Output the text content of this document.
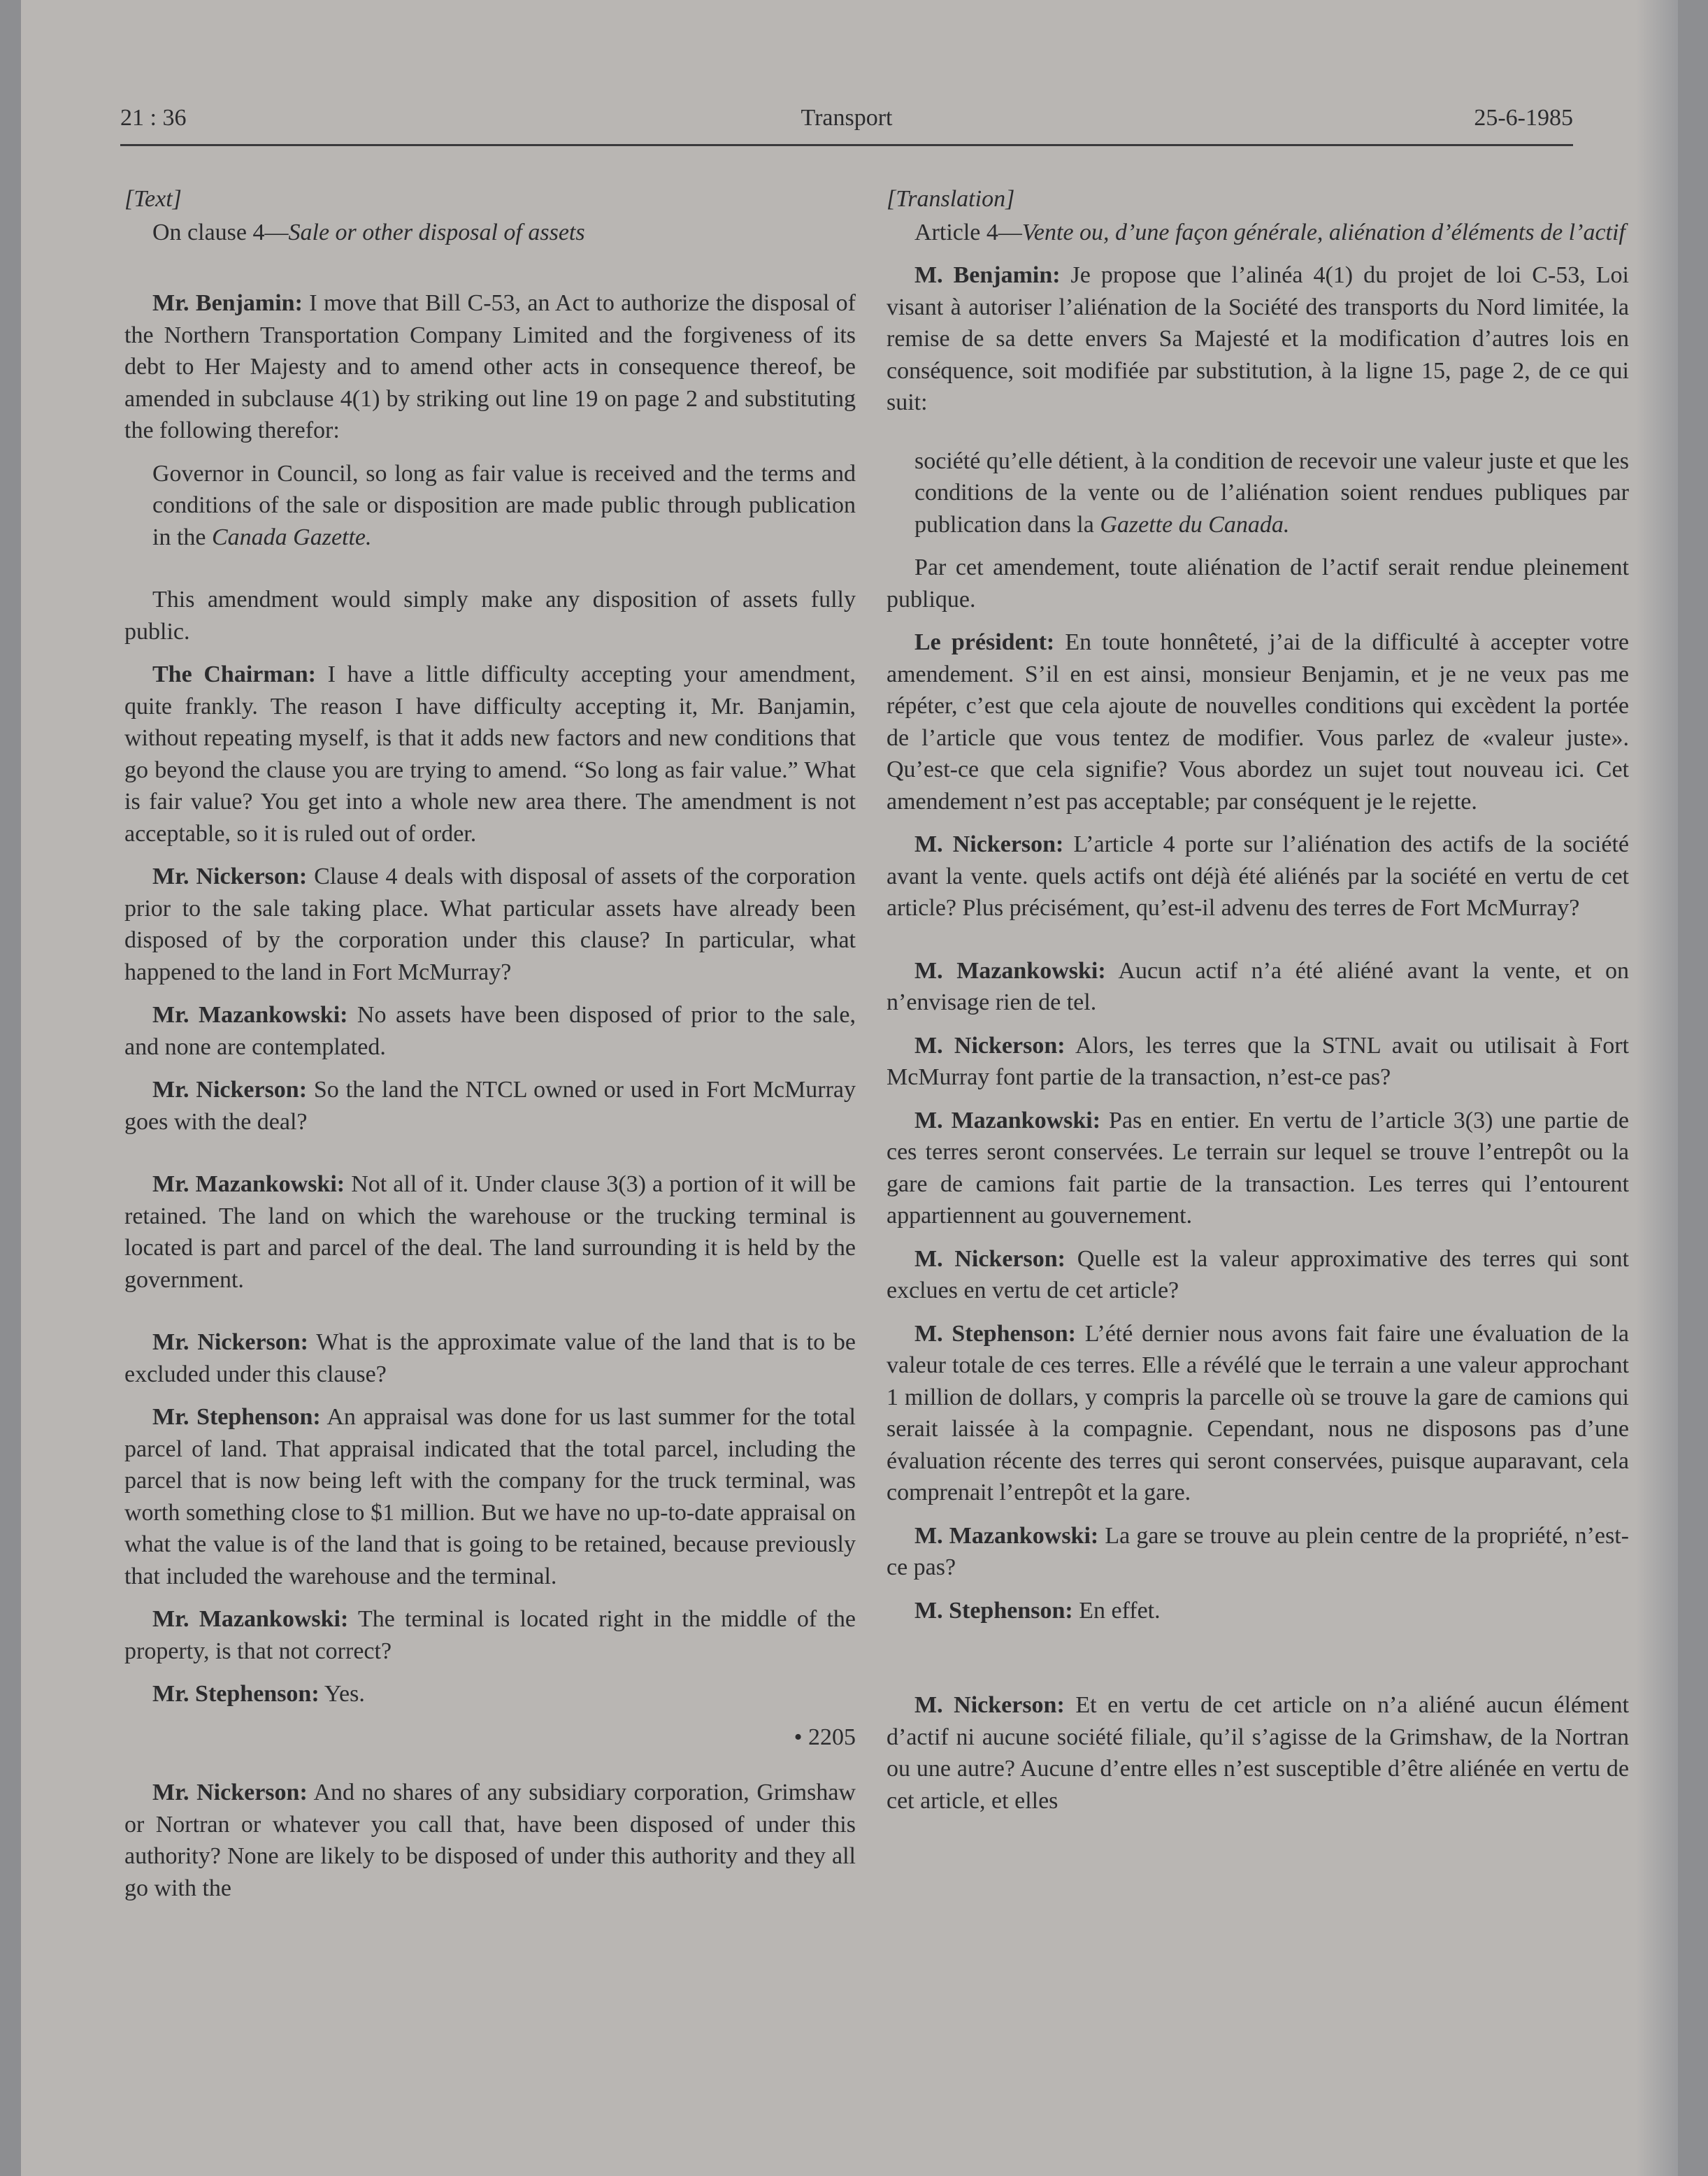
21 : 36	Transport	25-6-1985

[Text]

On clause 4—Sale or other disposal of assets

Mr. Benjamin: I move that Bill C-53, an Act to authorize the disposal of the Northern Transportation Company Limited and the forgiveness of its debt to Her Majesty and to amend other acts in consequence thereof, be amended in subclause 4(1) by striking out line 19 on page 2 and substituting the following therefor:

Governor in Council, so long as fair value is received and the terms and conditions of the sale or disposition are made public through publication in the Canada Gazette.

This amendment would simply make any disposition of assets fully public.

The Chairman: I have a little difficulty accepting your amendment, quite frankly. The reason I have difficulty accepting it, Mr. Banjamin, without repeating myself, is that it adds new factors and new conditions that go beyond the clause you are trying to amend. “So long as fair value.” What is fair value? You get into a whole new area there. The amendment is not acceptable, so it is ruled out of order.

Mr. Nickerson: Clause 4 deals with disposal of assets of the corporation prior to the sale taking place. What particular assets have already been disposed of by the corporation under this clause? In particular, what happened to the land in Fort McMurray?

Mr. Mazankowski: No assets have been disposed of prior to the sale, and none are contemplated.

Mr. Nickerson: So the land the NTCL owned or used in Fort McMurray goes with the deal?

Mr. Mazankowski: Not all of it. Under clause 3(3) a portion of it will be retained. The land on which the warehouse or the trucking terminal is located is part and parcel of the deal. The land surrounding it is held by the government.

Mr. Nickerson: What is the approximate value of the land that is to be excluded under this clause?

Mr. Stephenson: An appraisal was done for us last summer for the total parcel of land. That appraisal indicated that the total parcel, including the parcel that is now being left with the company for the truck terminal, was worth something close to $1 million. But we have no up-to-date appraisal on what the value is of the land that is going to be retained, because previously that included the warehouse and the terminal.

Mr. Mazankowski: The terminal is located right in the middle of the property, is that not correct?

Mr. Stephenson: Yes.

• 2205

Mr. Nickerson: And no shares of any subsidiary corporation, Grimshaw or Nortran or whatever you call that, have been disposed of under this authority? None are likely to be disposed of under this authority and they all go with the

[Translation]

Article 4—Vente ou, d’une façon générale, aliénation d’éléments de l’actif

M. Benjamin: Je propose que l’alinéa 4(1) du projet de loi C-53, Loi visant à autoriser l’aliénation de la Société des transports du Nord limitée, la remise de sa dette envers Sa Majesté et la modification d’autres lois en conséquence, soit modifiée par substitution, à la ligne 15, page 2, de ce qui suit:

société qu’elle détient, à la condition de recevoir une valeur juste et que les conditions de la vente ou de l’aliénation soient rendues publiques par publication dans la Gazette du Canada.

Par cet amendement, toute aliénation de l’actif serait rendue pleinement publique.

Le président: En toute honnêteté, j’ai de la difficulté à accepter votre amendement. S’il en est ainsi, monsieur Benjamin, et je ne veux pas me répéter, c’est que cela ajoute de nouvelles conditions qui excèdent la portée de l’article que vous tentez de modifier. Vous parlez de «valeur juste». Qu’est-ce que cela signifie? Vous abordez un sujet tout nouveau ici. Cet amendement n’est pas acceptable; par conséquent je le rejette.

M. Nickerson: L’article 4 porte sur l’aliénation des actifs de la société avant la vente. quels actifs ont déjà été aliénés par la société en vertu de cet article? Plus précisément, qu’est-il advenu des terres de Fort McMurray?

M. Mazankowski: Aucun actif n’a été aliéné avant la vente, et on n’envisage rien de tel.

M. Nickerson: Alors, les terres que la STNL avait ou utilisait à Fort McMurray font partie de la transaction, n’est-ce pas?

M. Mazankowski: Pas en entier. En vertu de l’article 3(3) une partie de ces terres seront conservées. Le terrain sur lequel se trouve l’entrepôt ou la gare de camions fait partie de la transaction. Les terres qui l’entourent appartiennent au gouvernement.

M. Nickerson: Quelle est la valeur approximative des terres qui sont exclues en vertu de cet article?

M. Stephenson: L’été dernier nous avons fait faire une évaluation de la valeur totale de ces terres. Elle a révélé que le terrain a une valeur approchant 1 million de dollars, y compris la parcelle où se trouve la gare de camions qui serait laissée à la compagnie. Cependant, nous ne disposons pas d’une évaluation récente des terres qui seront conservées, puisque auparavant, cela comprenait l’entrepôt et la gare.

M. Mazankowski: La gare se trouve au plein centre de la propriété, n’est-ce pas?

M. Stephenson: En effet.

M. Nickerson: Et en vertu de cet article on n’a aliéné aucun élément d’actif ni aucune société filiale, qu’il s’agisse de la Grimshaw, de la Nortran ou une autre? Aucune d’entre elles n’est susceptible d’être aliénée en vertu de cet article, et elles
